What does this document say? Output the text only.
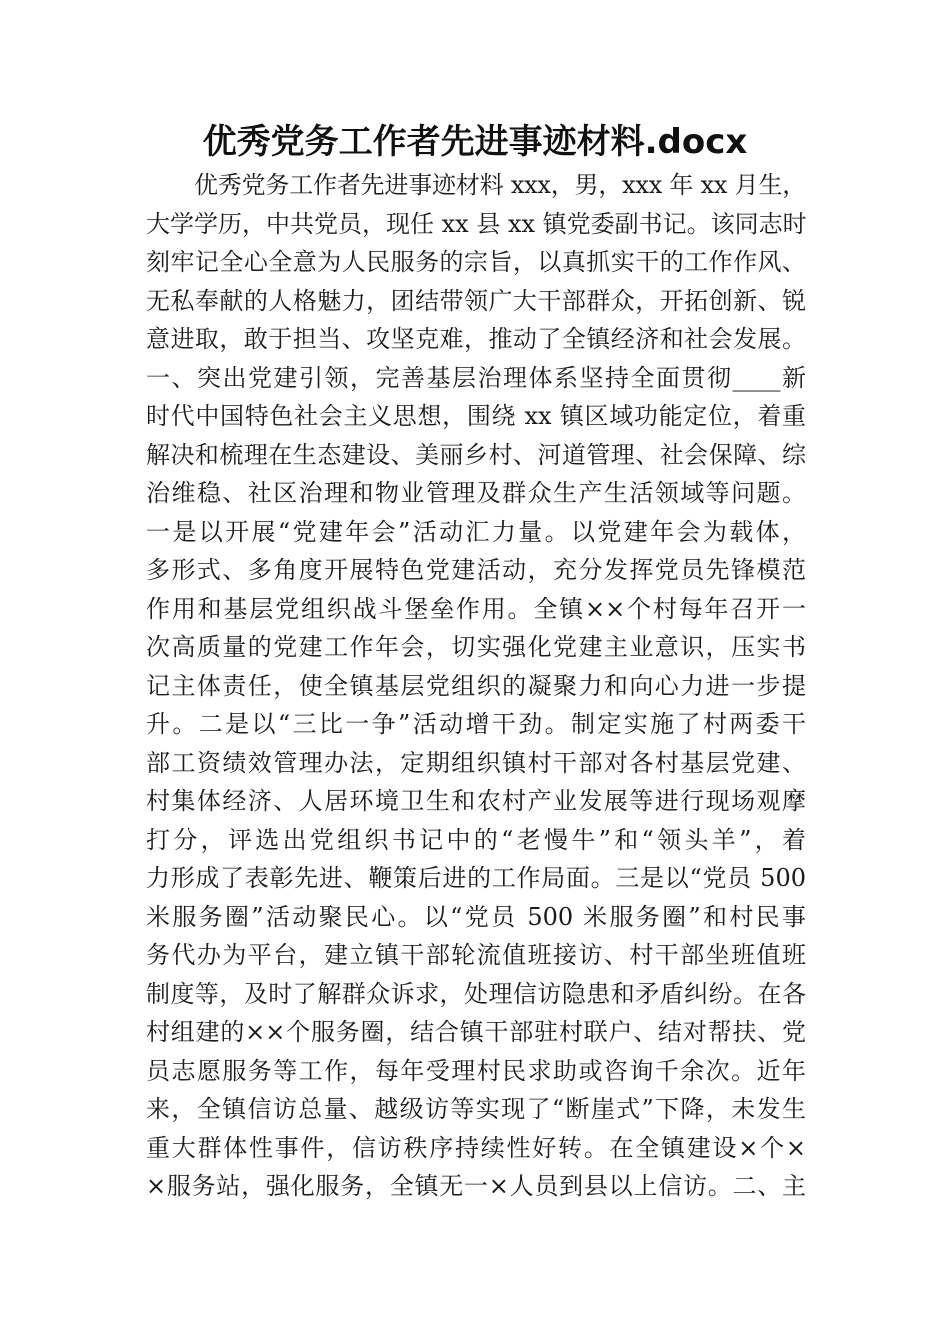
优秀党务工作者先进事迹材料.docx
优秀党务工作者先进事迹材料 xxx，男，xxx 年 xx 月生，
大学学历，中共党员，现任 xx 县 xx 镇党委副书记。该同志时
刻牢记全心全意为人民服务的宗旨，以真抓实干的工作作风、
无私奉献的人格魅力，团结带领广大干部群众，开拓创新、锐
意进取，敢于担当、攻坚克难，推动了全镇经济和社会发展。
一、突出党建引领，完善基层治理体系坚持全面贯彻____新
时代中国特色社会主义思想，围绕 xx 镇区域功能定位，着重
解决和梳理在生态建设、美丽乡村、河道管理、社会保障、综
治维稳、社区治理和物业管理及群众生产生活领域等问题。
一是以开展“党建年会”活动汇力量。以党建年会为载体，
多形式、多角度开展特色党建活动，充分发挥党员先锋模范
作用和基层党组织战斗堡垒作用。全镇××个村每年召开一
次高质量的党建工作年会，切实强化党建主业意识，压实书
记主体责任，使全镇基层党组织的凝聚力和向心力进一步提
升。二是以“三比一争”活动增干劲。制定实施了村两委干
部工资绩效管理办法，定期组织镇村干部对各村基层党建、
村集体经济、人居环境卫生和农村产业发展等进行现场观摩
打分，评选出党组织书记中的“老慢牛”和“领头羊”，着
力形成了表彰先进、鞭策后进的工作局面。三是以“党员 500
米服务圈”活动聚民心。以“党员 500 米服务圈”和村民事
务代办为平台，建立镇干部轮流值班接访、村干部坐班值班
制度等，及时了解群众诉求，处理信访隐患和矛盾纠纷。在各
村组建的××个服务圈，结合镇干部驻村联户、结对帮扶、党
员志愿服务等工作，每年受理村民求助或咨询千余次。近年
来，全镇信访总量、越级访等实现了“断崖式”下降，未发生
重大群体性事件，信访秩序持续性好转。在全镇建设×个×
×服务站，强化服务，全镇无一×人员到县以上信访。二、主
